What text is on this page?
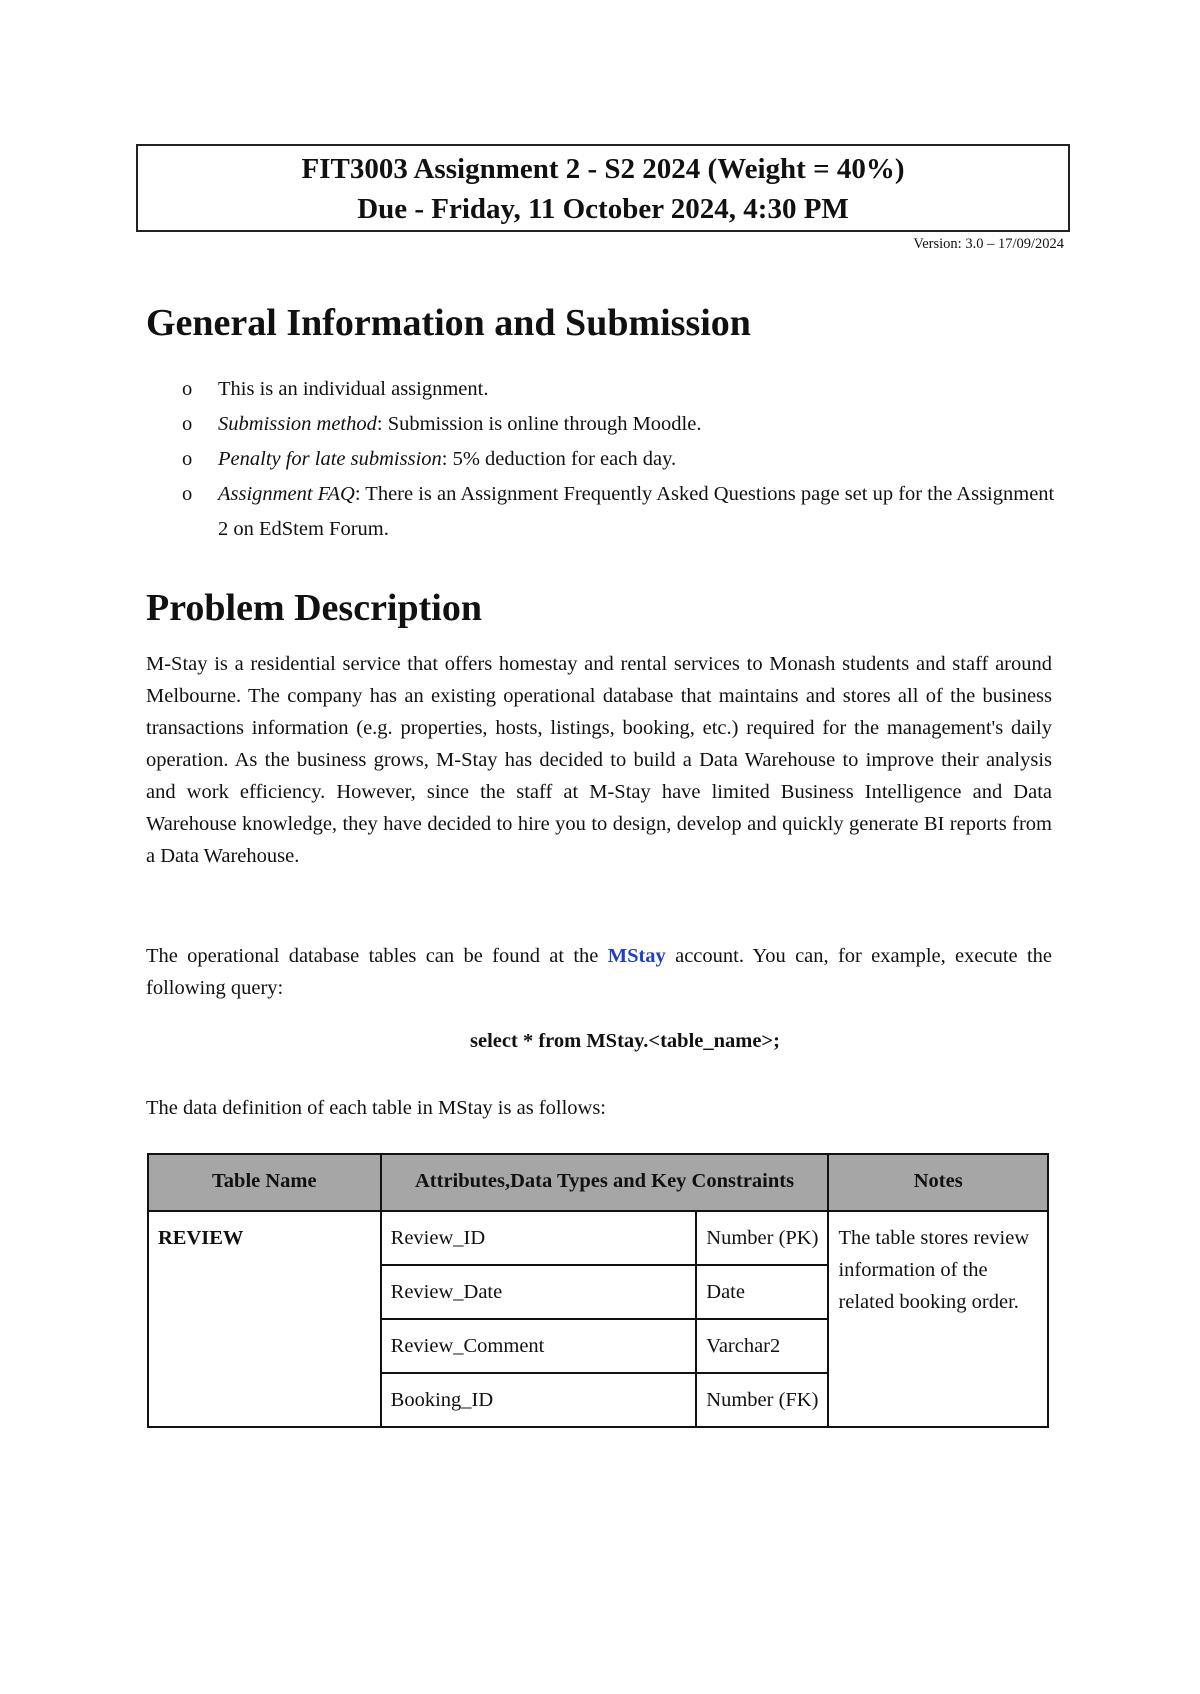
FIT3003 Assignment 2 - S2 2024 (Weight = 40%)
Due - Friday, 11 October 2024, 4:30 PM
Version: 3.0 – 17/09/2024
General Information and Submission
o This is an individual assignment.
o Submission method: Submission is online through Moodle.
o Penalty for late submission: 5% deduction for each day.
o Assignment FAQ: There is an Assignment Frequently Asked Questions page set up for the Assignment 2 on EdStem Forum.
Problem Description

M-Stay is a residential service that offers homestay and rental services to Monash students and staff around Melbourne. The company has an existing operational database that maintains and stores all of the business transactions information (e.g. properties, hosts, listings, booking, etc.) required for the management's daily operation. As the business grows, M-Stay has decided to build a Data Warehouse to improve their analysis and work efficiency. However, since the staff at M-Stay have limited Business Intelligence and Data Warehouse knowledge, they have decided to hire you to design, develop and quickly generate BI reports from a Data Warehouse.

The operational database tables can be found at the MStay account. You can, for example, execute the following query:

select * from MStay.<table_name>;

The data definition of each table in MStay is as follows:

Table Name	Attributes,Data Types and Key Constraints		Notes
REVIEW	Review_ID	Number (PK)	The table stores review information of the related booking order.
	Review_Date	Date	
	Review_Comment	Varchar2	
	Booking_ID	Number (FK)	
